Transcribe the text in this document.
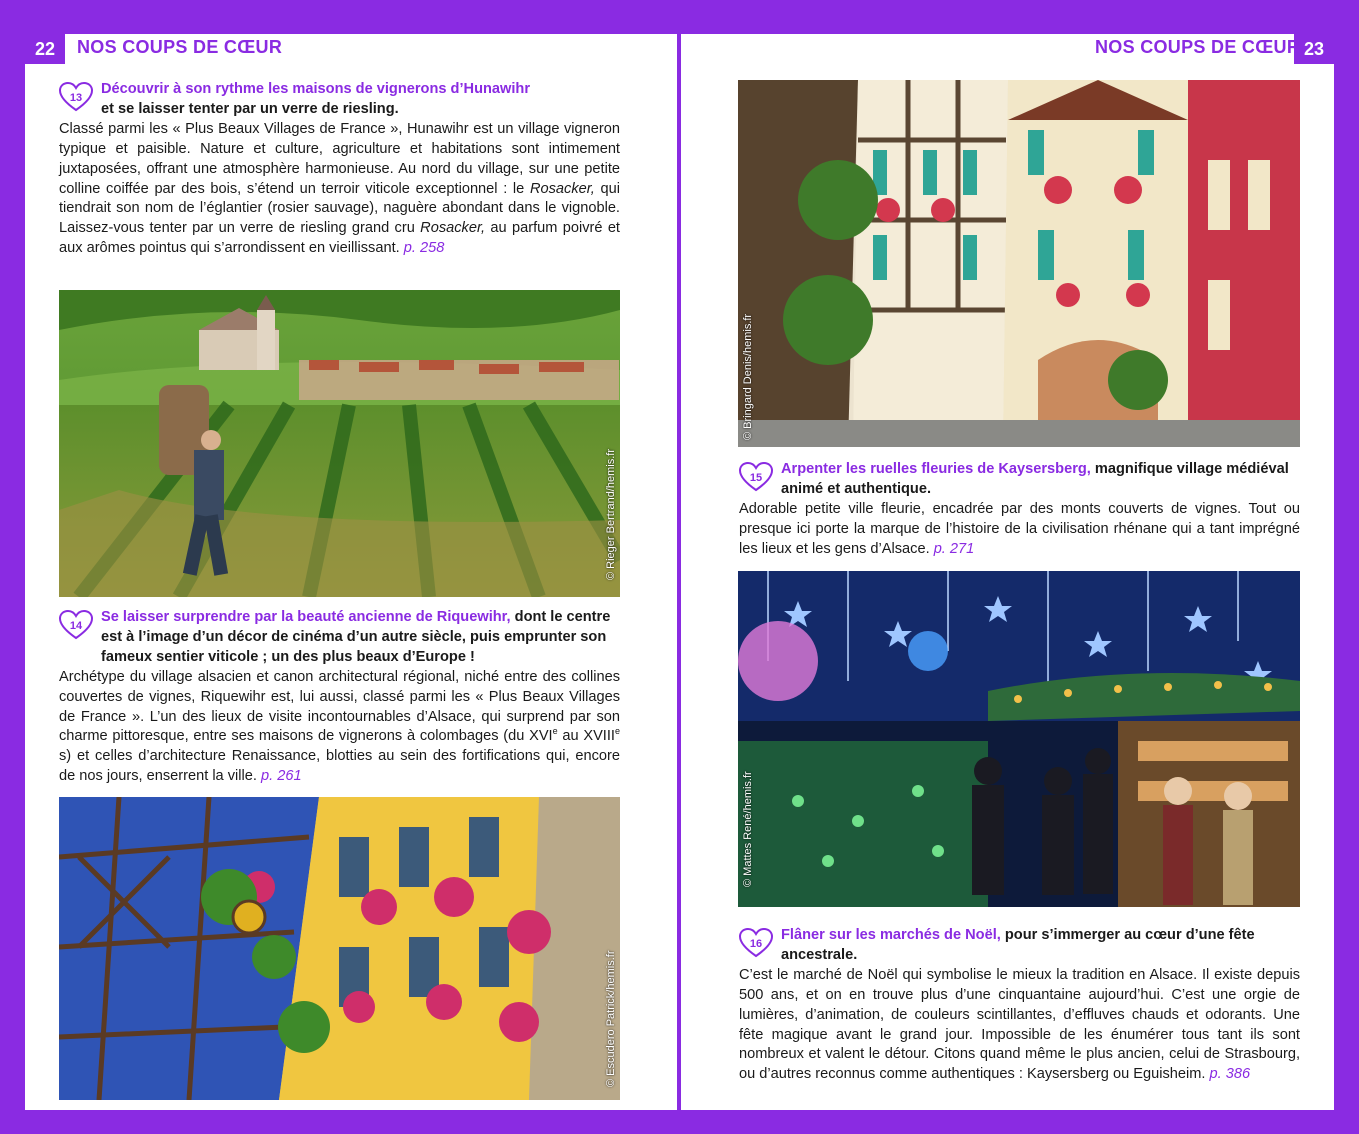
22	23
NOS COUPS DE CŒUR	NOS COUPS DE CŒUR
13
Découvrir à son rythme les maisons de vignerons d’Hunawihr
et se laisser tenter par un verre de riesling.
Classé parmi les « Plus Beaux Villages de France », Hunawihr est un village vigneron typique et paisible. Nature et culture, agriculture et habitations sont intimement juxtaposées, offrant une atmosphère harmonieuse. Au nord du village, sur une petite colline coiffée par des bois, s’étend un terroir viticole exceptionnel : le Rosacker, qui tiendrait son nom de l’églantier (rosier sauvage), naguère abondant dans le vignoble. Laissez-vous tenter par un verre de riesling grand cru Rosacker, au parfum poivré et aux arômes pointus qui s’arrondissent en vieillissant. p. 258
© Rieger Bertrand/hemis.fr
14
Se laisser surprendre par la beauté ancienne de Riquewihr, dont le centre est à l’image d’un décor de cinéma d’un autre siècle, puis emprunter son fameux sentier viticole ; un des plus beaux d’Europe !
Archétype du village alsacien et canon architectural régional, niché entre des collines couvertes de vignes, Riquewihr est, lui aussi, classé parmi les « Plus Beaux Villages de France ». L’un des lieux de visite incontournables d’Alsace, qui surprend par son charme pittoresque, entre ses maisons de vignerons à colombages (du XVIe au XVIIIe s) et celles d’architecture Renaissance, blotties au sein des fortifications qui, encore de nos jours, enserrent la ville. p. 261
© Escudero Patrick/hemis.fr
© Bringard Denis/hemis.fr
15
Arpenter les ruelles fleuries de Kaysersberg, magnifique village médiéval animé et authentique.
Adorable petite ville fleurie, encadrée par des monts couverts de vignes. Tout ou presque ici porte la marque de l’histoire de la civilisation rhénane qui a tant imprégné les lieux et les gens d’Alsace. p. 271
© Mattes René/hemis.fr
16
Flâner sur les marchés de Noël, pour s’immerger au cœur d’une fête ancestrale.
C’est le marché de Noël qui symbolise le mieux la tradition en Alsace. Il existe depuis 500 ans, et on en trouve plus d’une cinquantaine aujourd’hui. C’est une orgie de lumières, d’animation, de couleurs scintillantes, d’effluves chauds et odorants. Une fête magique avant le grand jour. Impossible de les énumérer tous tant ils sont nombreux et valent le détour. Citons quand même le plus ancien, celui de Strasbourg, ou d’autres reconnus comme authentiques : Kaysersberg ou Eguisheim. p. 386
